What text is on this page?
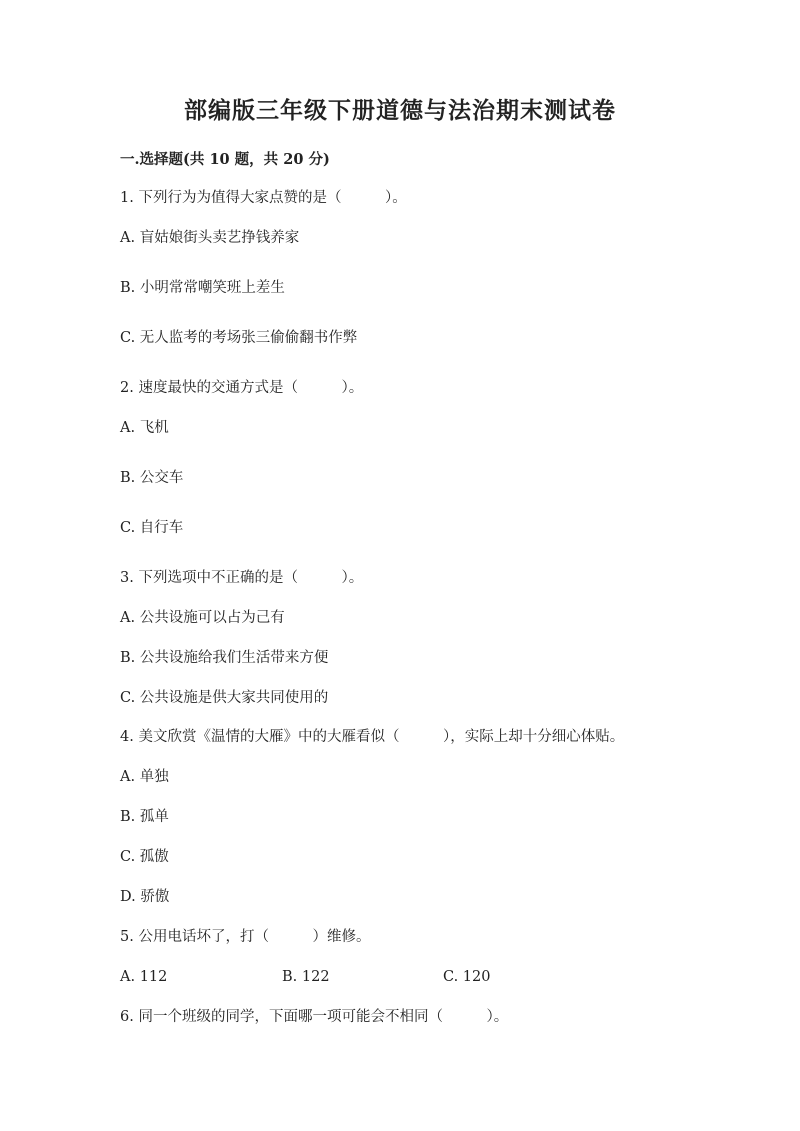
部编版三年级下册道德与法治期末测试卷
一.选择题(共 10 题，共 20 分)
1. 下列行为为值得大家点赞的是（　　　）。
A. 盲姑娘街头卖艺挣钱养家
B. 小明常常嘲笑班上差生
C. 无人监考的考场张三偷偷翻书作弊
2. 速度最快的交通方式是（　　　）。
A. 飞机
B. 公交车
C. 自行车
3. 下列选项中不正确的是（　　　）。
A. 公共设施可以占为己有
B. 公共设施给我们生活带来方便
C. 公共设施是供大家共同使用的
4. 美文欣赏《温情的大雁》中的大雁看似（　　　），实际上却十分细心体贴。
A. 单独
B. 孤单
C. 孤傲
D. 骄傲
5. 公用电话坏了，打（　　　）维修。
A. 112	B. 122	C. 120
6. 同一个班级的同学，下面哪一项可能会不相同（　　　）。
